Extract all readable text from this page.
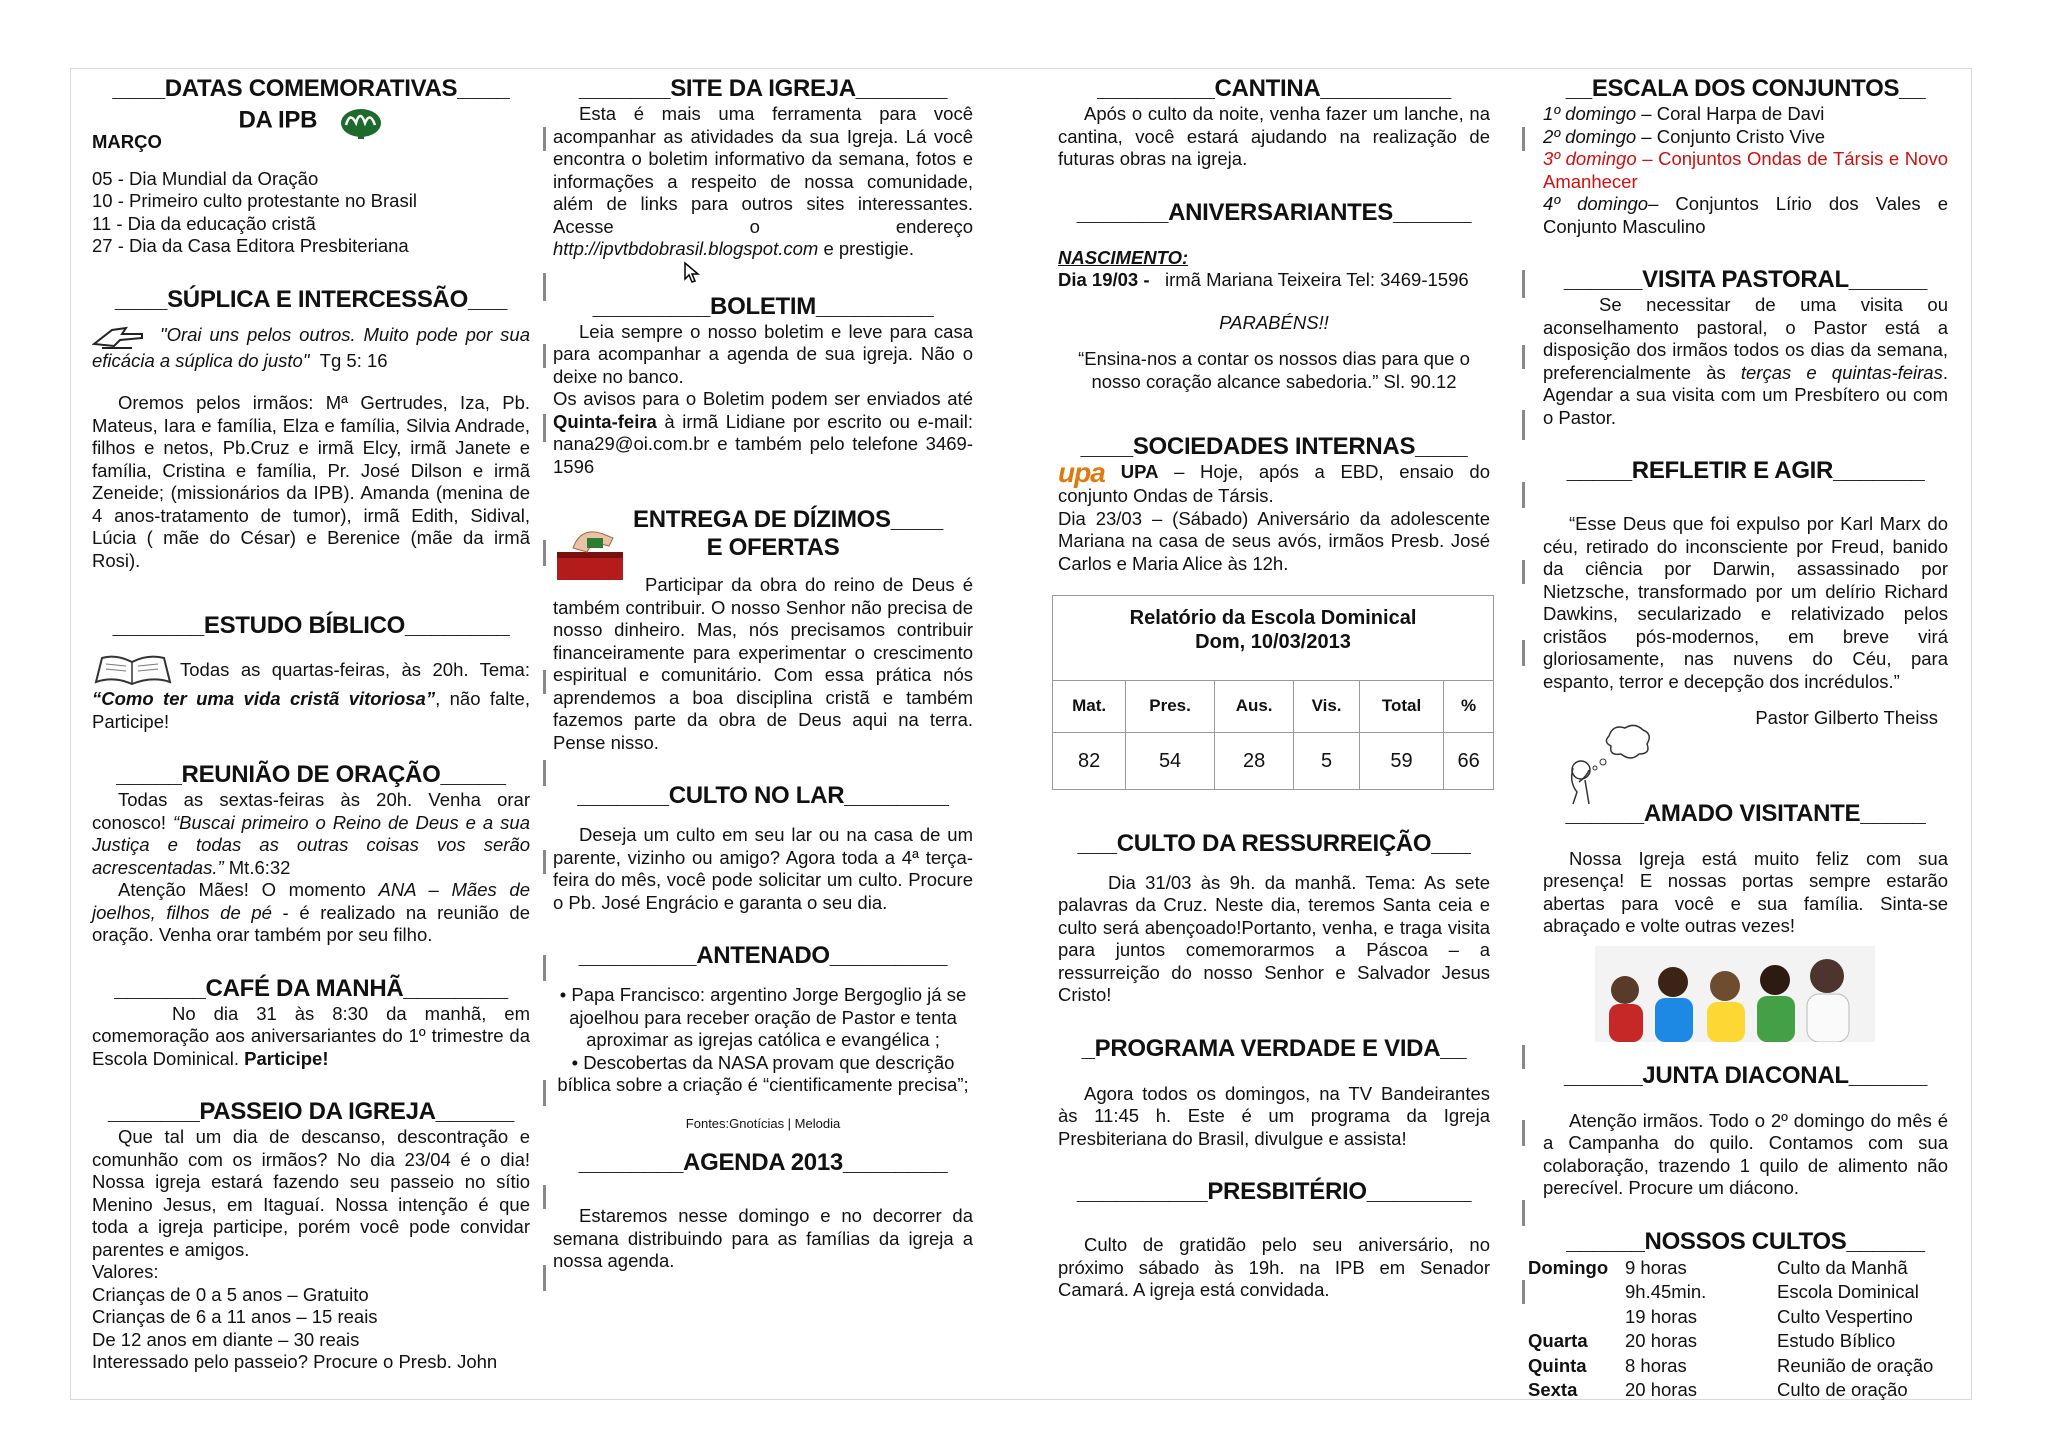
____DATAS COMEMORATIVAS____

DA IPB

MARÇO

05 - Dia Mundial da Oração

10 - Primeiro culto protestante no Brasil

11 - Dia da educação cristã

27 - Dia da Casa Editora Presbiteriana

____SÚPLICA E INTERCESSÃO___

"Orai uns pelos outros. Muito pode por sua eficácia a súplica do justo" Tg 5: 16

Oremos pelos irmãos: Mª Gertrudes, Iza, Pb. Mateus, Iara e família, Elza e família, Silvia Andrade, filhos e netos, Pb.Cruz e irmã Elcy, irmã Janete e família, Cristina e família, Pr. José Dilson e irmã Zeneide; (missionários da IPB). Amanda (menina de 4 anos-tratamento de tumor), irmã Edith, Sidival, Lúcia ( mãe do César) e Berenice (mãe da irmã Rosi).

_______ESTUDO BÍBLICO________

Todas as quartas-feiras, às 20h. Tema: “Como ter uma vida cristã vitoriosa”, não falte, Participe!

_____REUNIÃO DE ORAÇÃO_____

Todas as sextas-feiras às 20h. Venha orar conosco! “Buscai primeiro o Reino de Deus e a sua Justiça e todas as outras coisas vos serão acrescentadas.” Mt.6:32

Atenção Mães! O momento ANA – Mães de joelhos, filhos de pé - é realizado na reunião de oração. Venha orar também por seu filho.

_______CAFÉ DA MANHÃ________

No dia 31 às 8:30 da manhã, em comemoração aos aniversariantes do 1º trimestre da Escola Dominical. Participe!

_______PASSEIO DA IGREJA______

Que tal um dia de descanso, descontração e comunhão com os irmãos? No dia 23/04 é o dia! Nossa igreja estará fazendo seu passeio no sítio Menino Jesus, em Itaguaí. Nossa intenção é que toda a igreja participe, porém você pode convidar parentes e amigos.

Valores:

Crianças de 0 a 5 anos – Gratuito

Crianças de 6 a 11 anos – 15 reais

De 12 anos em diante – 30 reais

Interessado pelo passeio? Procure o Presb. John

_______SITE DA IGREJA_______

Esta é mais uma ferramenta para você acompanhar as atividades da sua Igreja. Lá você encontra o boletim informativo da semana, fotos e informações a respeito de nossa comunidade, além de links para outros sites interessantes. Acesse o endereço http://ipvtbdobrasil.blogspot.com e prestigie.

_________BOLETIM_________

Leia sempre o nosso boletim e leve para casa para acompanhar a agenda de sua igreja. Não o deixe no banco.

Os avisos para o Boletim podem ser enviados até Quinta-feira à irmã Lidiane por escrito ou e-mail: nana29@oi.com.br e também pelo telefone 3469-1596

ENTREGA DE DÍZIMOS____

E OFERTAS

Participar da obra do reino de Deus é também contribuir. O nosso Senhor não precisa de nosso dinheiro. Mas, nós precisamos contribuir financeiramente para experimentar o crescimento espiritual e comunitário. Com essa prática nós aprendemos a boa disciplina cristã e também fazemos parte da obra de Deus aqui na terra. Pense nisso.

_______CULTO NO LAR________

Deseja um culto em seu lar ou na casa de um parente, vizinho ou amigo? Agora toda a 4ª terça-feira do mês, você pode solicitar um culto. Procure o Pb. José Engrácio e garanta o seu dia.

_________ANTENADO_________

• Papa Francisco: argentino Jorge Bergoglio já se ajoelhou para receber oração de Pastor e tenta aproximar as igrejas católica e evangélica ;

• Descobertas da NASA provam que descrição bíblica sobre a criação é “cientificamente precisa”;

Fontes:Gnotícias | Melodia

________AGENDA 2013________

Estaremos nesse domingo e no decorrer da semana distribuindo para as famílias da igreja a nossa agenda.

_________CANTINA__________

Após o culto da noite, venha fazer um lanche, na cantina, você estará ajudando na realização de futuras obras na igreja.

_______ANIVERSARIANTES______

NASCIMENTO:

Dia 19/03 - irmã Mariana Teixeira Tel: 3469-1596

PARABÉNS!!

“Ensina-nos a contar os nossos dias para que o nosso coração alcance sabedoria.” Sl. 90.12

____SOCIEDADES INTERNAS____

upa UPA – Hoje, após a EBD, ensaio do conjunto Ondas de Társis.

Dia 23/03 – (Sábado) Aniversário da adolescente Mariana na casa de seus avós, irmãos Presb. José Carlos e Maria Alice às 12h.

Relatório da Escola Dominical

Dom, 10/03/2013

Mat.	Pres.	Aus.	Vis.	Total	%
82	54	28	5	59	66

___CULTO DA RESSURREIÇÃO___

Dia 31/03 às 9h. da manhã. Tema: As sete palavras da Cruz. Neste dia, teremos Santa ceia e culto será abençoado!Portanto, venha, e traga visita para juntos comemorarmos a Páscoa – a ressurreição do nosso Senhor e Salvador Jesus Cristo!

_PROGRAMA VERDADE E VIDA__

Agora todos os domingos, na TV Bandeirantes às 11:45 h. Este é um programa da Igreja Presbiteriana do Brasil, divulgue e assista!

__________PRESBITÉRIO________

Culto de gratidão pelo seu aniversário, no próximo sábado às 19h. na IPB em Senador Camará. A igreja está convidada.

__ESCALA DOS CONJUNTOS__

1º domingo – Coral Harpa de Davi

2º domingo – Conjunto Cristo Vive

3º domingo – Conjuntos Ondas de Társis e Novo Amanhecer

4º domingo– Conjuntos Lírio dos Vales e Conjunto Masculino

______VISITA PASTORAL______

Se necessitar de uma visita ou aconselhamento pastoral, o Pastor está a disposição dos irmãos todos os dias da semana, preferencialmente às terças e quintas-feiras. Agendar a sua visita com um Presbítero ou com o Pastor.

_____REFLETIR E AGIR_______

“Esse Deus que foi expulso por Karl Marx do céu, retirado do inconsciente por Freud, banido da ciência por Darwin, assassinado por Nietzsche, transformado por um delírio Richard Dawkins, secularizado e relativizado pelos cristãos pós-modernos, em breve virá gloriosamente, nas nuvens do Céu, para espanto, terror e decepção dos incrédulos.”

Pastor Gilberto Theiss

______AMADO VISITANTE_____

Nossa Igreja está muito feliz com sua presença! E nossas portas sempre estarão abertas para você e sua família. Sinta-se abraçado e volte outras vezes!

______JUNTA DIACONAL______

Atenção irmãos. Todo o 2º domingo do mês é a Campanha do quilo. Contamos com sua colaboração, trazendo 1 quilo de alimento não perecível. Procure um diácono.

______NOSSOS CULTOS______

Domingo	9 horas	Culto da Manhã
	9h.45min.	Escola Dominical
	19 horas	Culto Vespertino
Quarta	20 horas	Estudo Bíblico
Quinta	8 horas	Reunião de oração
Sexta	20 horas	Culto de oração
